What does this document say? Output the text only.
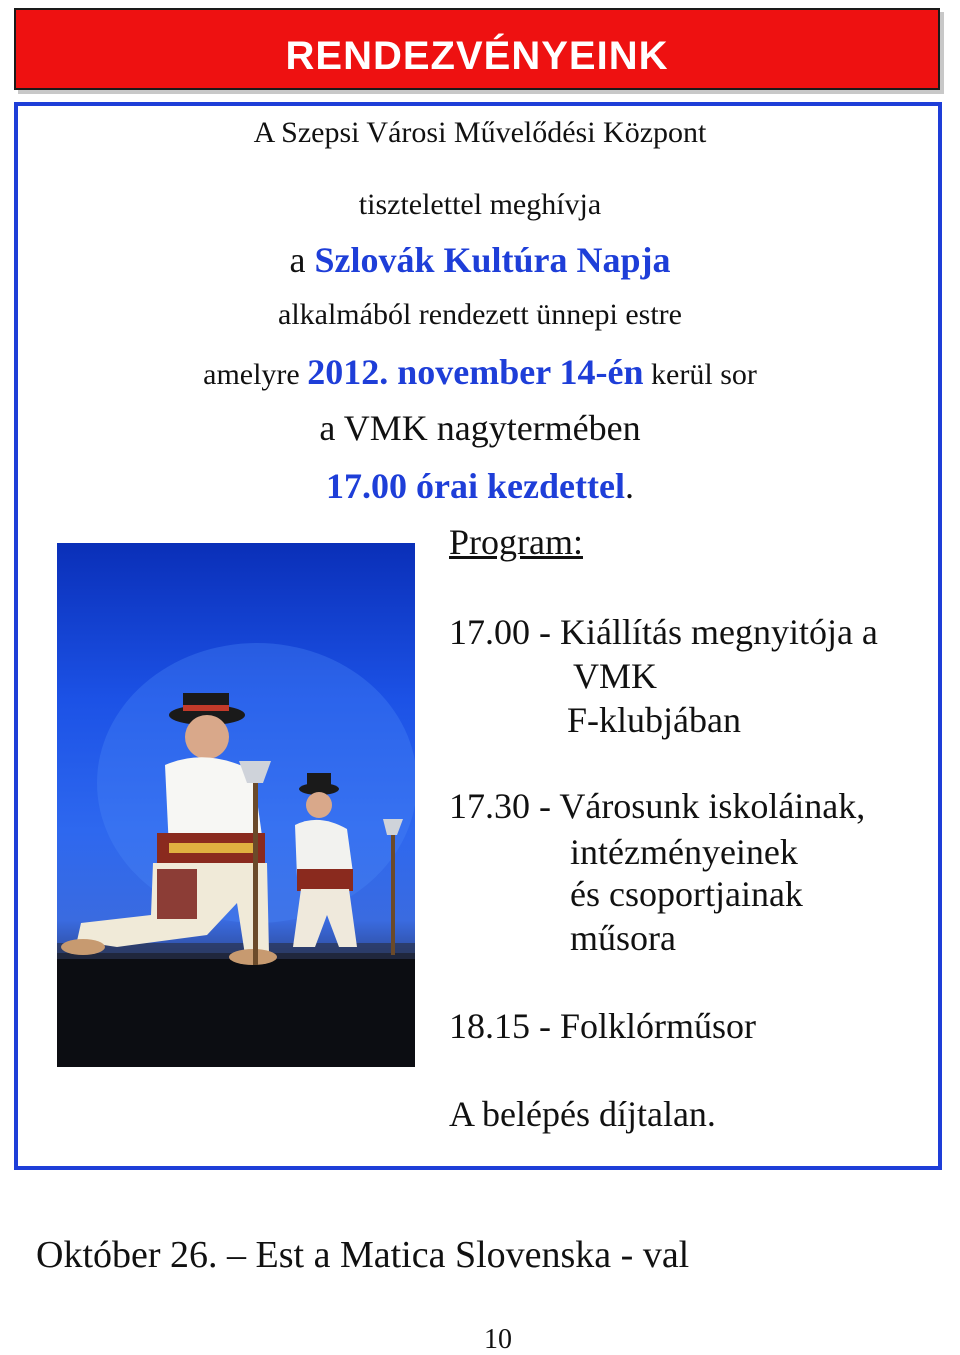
RENDEZVÉNYEINK
A Szepsi Városi Művelődési Központ
tisztelettel meghívja
a Szlovák Kultúra Napja
alkalmából rendezett ünnepi estre
amelyre 2012. november 14-én kerül sor
a VMK nagytermében
17.00 órai kezdettel.
Program:
17.00 - Kiállítás megnyitója a
VMK
F-klubjában
17.30 - Városunk iskoláinak,
intézményeinek
és csoportjainak
műsora
18.15 - Folklórműsor
A belépés díjtalan.
Október 26. – Est a Matica Slovenska - val
10
